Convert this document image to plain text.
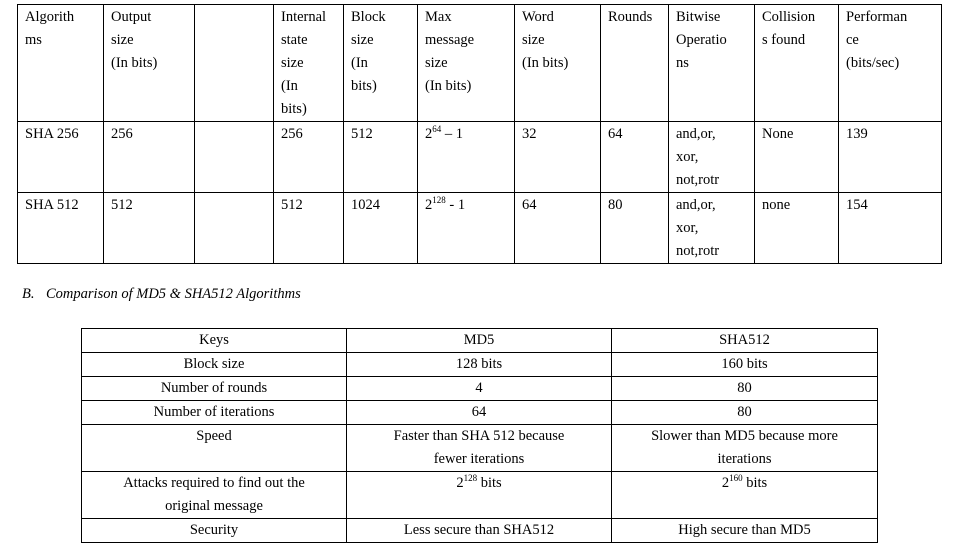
Algorith
ms	Output
size
(In bits)		Internal
state
size
(In
bits)	Block
size
(In
bits)	Max
message
size
(In bits)	Word
size
(In bits)	Rounds	Bitwise
Operatio
ns	Collision
s found	Performan
ce
(bits/sec)

SHA 256	256		256	512	$2^{64} - 1$	32	64	and,or,
xor,
not,rotr	None	139
SHA 512	512		512	1024	$2^{128} - 1$	64	80	and,or,
xor,
not,rotr	none	154
B. Comparison of MD5 & SHA512 Algorithms
Keys	MD5	SHA512
Block size	128 bits	160 bits
Number of rounds	4	80
Number of iterations	64	80
Speed	Faster than SHA 512 because
fewer iterations	Slower than MD5 because more
iterations

Attacks required to find out the
original message	$2^{128}$ bits	$2^{160}$ bits
Security	Less secure than SHA512	High secure than MD5
